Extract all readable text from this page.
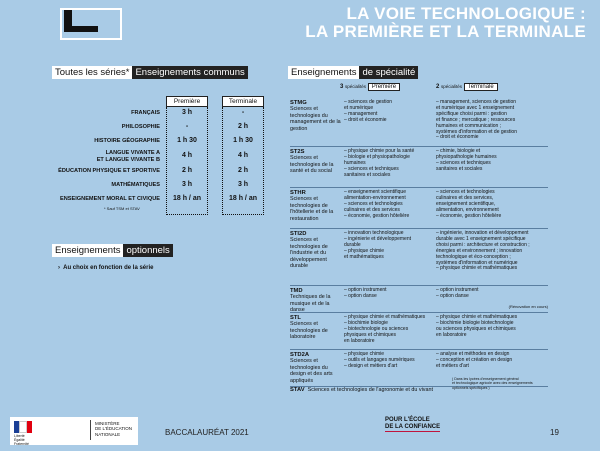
LA VOIE TECHNOLOGIQUE :
LA PREMIÈRE ET LA TERMINALE
Toutes les séries* Enseignements communs
Première
3 h
-
1 h 30
4 h
2 h
3 h
18 h / an
Terminale
-
2 h
1 h 30
4 h
2 h
3 h
18 h / an
FRANÇAIS
PHILOSOPHIE
HISTOIRE GÉOGRAPHIE
LANGUE VIVANTE A
ET LANGUE VIVANTE B
ÉDUCATION PHYSIQUE ET SPORTIVE
MATHÉMATIQUES
ENSEIGNEMENT MORAL ET CIVIQUE
* Sauf TSM et STAV
Enseignements optionnels
› Au choix en fonction de la série
Enseignements de spécialité
3 spécialités Première	2 spécialités Terminale
STMG
Sciences et technologies du management et de la gestion
– sciences de gestion
et numérique
– management
– droit et économie
– management, sciences de gestion
et numérique avec 1 enseignement
spécifique choisi parmi : gestion
et finance ; mercatique ; ressources
humaines et communication ;
systèmes d'information et de gestion
– droit et économie
ST2S
Sciences et technologies de la santé et du social
– physique chimie pour la santé
– biologie et physiopathologie
humaines
– sciences et techniques
sanitaires et sociales
– chimie, biologie et
physiopathologie humaines
– sciences et techniques
sanitaires et sociales
STHR
Sciences et technologies de l'hôtellerie et de la restauration
– enseignement scientifique
alimentation-environnement
– sciences et technologies
culinaires et des services
– économie, gestion hôtelière
– sciences et technologies
culinaires et des services,
enseignement scientifique,
alimentation, environnement
– économie, gestion hôtelière
STI2D
Sciences et technologies de l'industrie et du développement durable
– innovation technologique
– ingénierie et développement
durable
– physique chimie
et mathématiques
– ingénierie, innovation et développement
durable avec 1 enseignement spécifique
choisi parmi : architecture et construction ;
énergies et environnement ; innovation
technologique et éco-conception ;
systèmes d'information et numérique
– physique chimie et mathématiques
TMD
Techniques de la musique et de la danse
– option instrument
– option danse
– option instrument
– option danse
(Rénovation en cours)
STL
Sciences et technologies de laboratoire
– physique chimie et mathématiques
– biochimie biologie
– biotechnologie ou sciences
physiques et chimiques
en laboratoire
– physique chimie et mathématiques
– biochimie biologie biotechnologie
ou sciences physiques et chimiques
en laboratoire
STD2A
Sciences et technologies du design et des arts appliqués
– physique chimie
– outils et langages numériques
– design et métiers d'art
– analyse et méthodes en design
– conception et création en design
et métiers d'art
STAV Sciences et technologies de l'agronomie et du vivant
( Dans les lycées d'enseignement général
et technologique agricole avec des enseignements
optionnels spécifiques )
Liberté
Égalité
Fraternité
MINISTÈRE
DE L'ÉDUCATION
NATIONALE	BACCALAURÉAT 2021
POUR L'ÉCOLE
DE LA CONFIANCE
19
